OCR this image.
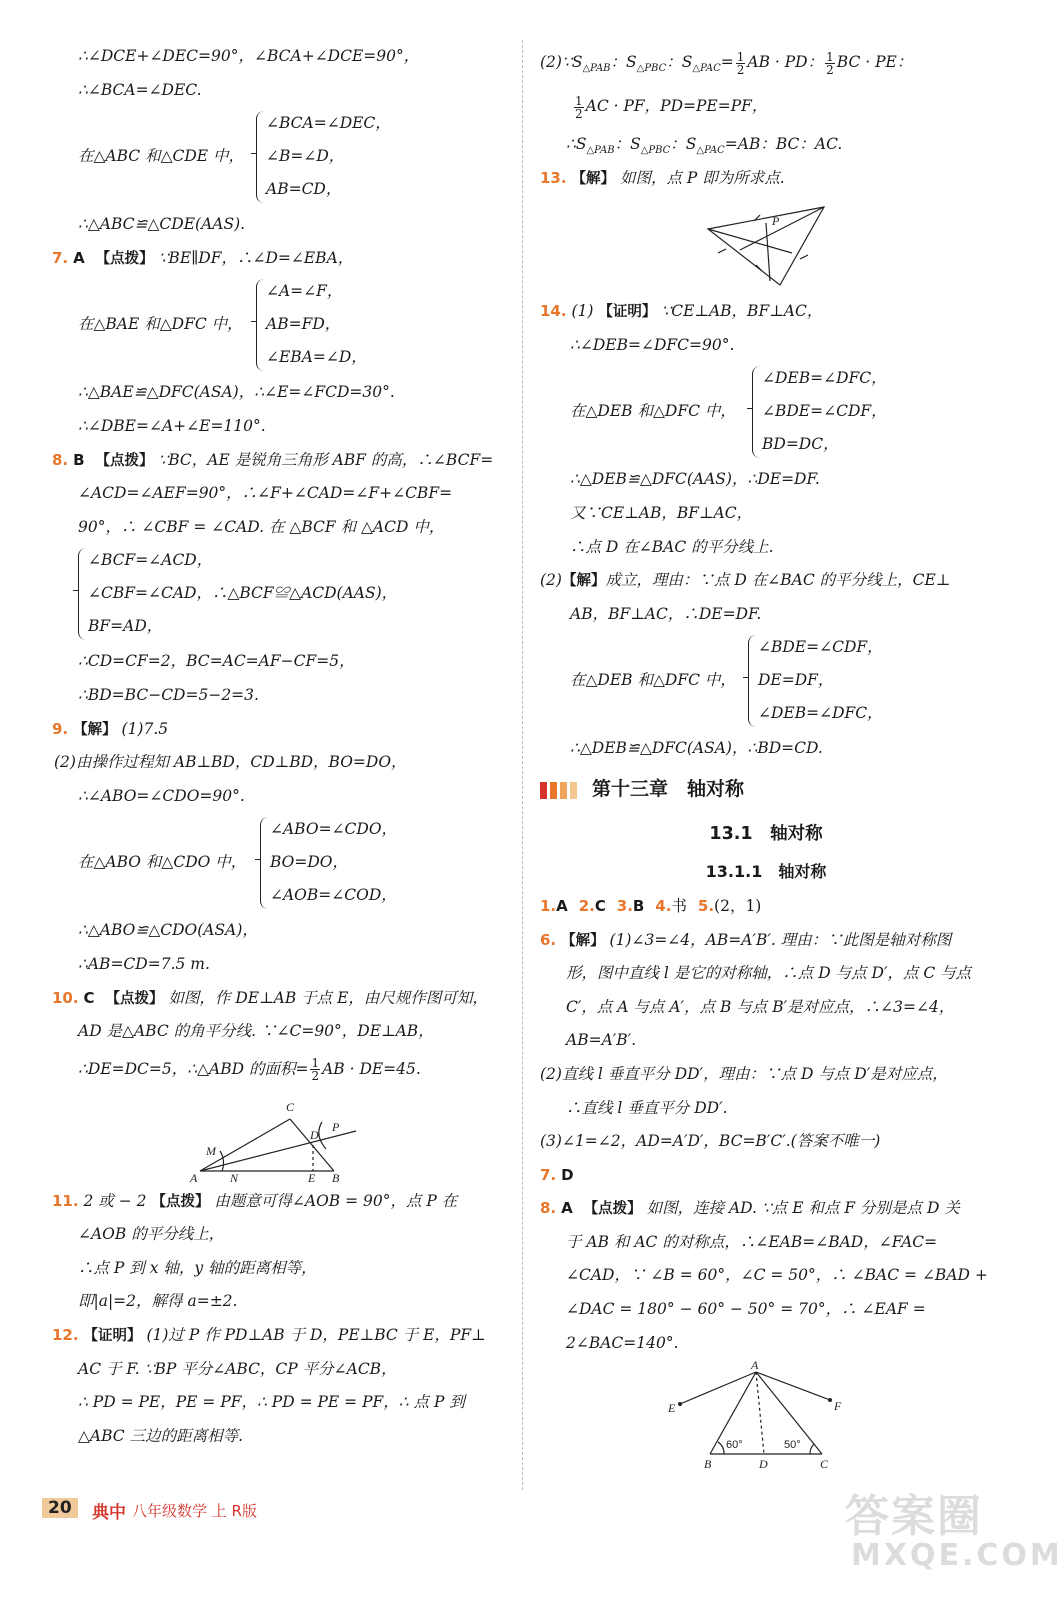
∴∠DCE+∠DEC=90°，∠BCA+∠DCE=90°，
∴∠BCA=∠DEC.
在△ABC 和△CDE 中，
∠BCA=∠DEC，
∠B=∠D，
AB=CD，
∴△ABC≌△CDE(AAS).
7. A 【点拨】 ∵BE∥DF，∴∠D=∠EBA，
在△BAE 和△DFC 中，
∠A=∠F，
AB=FD，
∠EBA=∠D，
∴△BAE≌△DFC(ASA)，∴∠E=∠FCD=30°.
∴∠DBE=∠A+∠E=110°.
8. B 【点拨】 ∵BC，AE 是锐角三角形 ABF 的高，∴∠BCF=
∠ACD=∠AEF=90°，∴∠F+∠CAD=∠F+∠CBF=
90°，∴ ∠CBF = ∠CAD. 在 △BCF 和 △ACD 中，
∠BCF=∠ACD，
∠CBF=∠CAD，∴△BCF≌△ACD(AAS)，
BF=AD，
∴CD=CF=2，BC=AC=AF−CF=5，
∴BD=BC−CD=5−2=3.
9. 【解】 (1)7.5
(2)由操作过程知 AB⊥BD，CD⊥BD，BO=DO，
∴∠ABO=∠CDO=90°.
在△ABO 和△CDO 中，
∠ABO=∠CDO，
BO=DO，
∠AOB=∠COD，
∴△ABO≌△CDO(ASA)，
∴AB=CD=7.5 m.
10. C 【点拨】 如图，作 DE⊥AB 于点 E，由尺规作图可知，
AD 是△ABC 的角平分线. ∵∠C=90°，DE⊥AB，
∴DE=DC=5，∴△ABD 的面积= $\frac{1}{2}$ AB · DE=45.
C
D
P
M
A	N	E B
11. 2 或 − 2 【点拨】 由题意可得∠AOB = 90°，点 P 在
∠AOB 的平分线上，
∴点 P 到 x 轴，y 轴的距离相等，
即|a|=2，解得 a=±2.
12. 【证明】 (1)过 P 作 PD⊥AB 于 D，PE⊥BC 于 E，PF⊥
AC 于 F. ∵BP 平分∠ABC，CP 平分∠ACB，
∴ PD = PE，PE = PF，∴ PD = PE = PF，∴ 点 P 到
△ABC 三边的距离相等.
$(2)\because S_{\triangle PAB}$：$S_{\triangle PBC}$：$S_{\triangle PAC}= \frac{1}{2}$ AB · PD： $\frac{1}{2}$ BC · PE：
$\frac{1}{2}$ AC · PF，PD=PE=PF，
$\therefore S_{\triangle PAB}$：$S_{\triangle PBC}$：$S_{\triangle PAC}=AB$：BC：AC.
13. 【解】 如图，点 P 即为所求点.
P
14. (1) 【证明】 ∵CE⊥AB，BF⊥AC，
∴∠DEB=∠DFC=90°.
在△DEB 和△DFC 中，
∠DEB=∠DFC，
∠BDE=∠CDF，
BD=DC，
∴△DEB≌△DFC(AAS)，∴DE=DF.
又∵CE⊥AB，BF⊥AC，
∴点 D 在∠BAC 的平分线上.
(2)【解】成立，理由：∵点 D 在∠BAC 的平分线上，CE⊥
AB，BF⊥AC，∴DE=DF.
在△DEB 和△DFC 中，
∠BDE=∠CDF，
DE=DF，
∠DEB=∠DFC，
∴△DEB≌△DFC(ASA)，∴BD=CD.
第十三章　轴对称
13.1　轴对称
13.1.1　轴对称
1.A 2.C 3.B 4.书 5.(2，1)
6. 【解】 (1)∠3=∠4，AB=A′B′. 理由：∵此图是轴对称图
形，图中直线 l 是它的对称轴，∴点 D 与点 D′，点 C 与点
C′，点 A 与点 A′，点 B 与点 B′是对应点，∴∠3=∠4，
AB=A′B′.
(2)直线 l 垂直平分 DD′，理由：∵点 D 与点 D′是对应点，
∴直线 l 垂直平分 DD′.
(3)∠1=∠2，AD=A′D′，BC=B′C′.(答案不唯一)
7. D
8. A 【点拨】 如图，连接 AD. ∵点 E 和点 F 分别是点 D 关
于 AB 和 AC 的对称点，∴∠EAB=∠BAD，∠FAC=
∠CAD，∵ ∠B = 60°，∠C = 50°，∴ ∠BAC = ∠BAD +
∠DAC = 180° − 60° − 50° = 70°，∴ ∠EAF =
2∠BAC=140°.
A
E	F
B	D	C
60°	50°
20	典中 八年级数学 上 R版	答案圈
MXQE.COM
